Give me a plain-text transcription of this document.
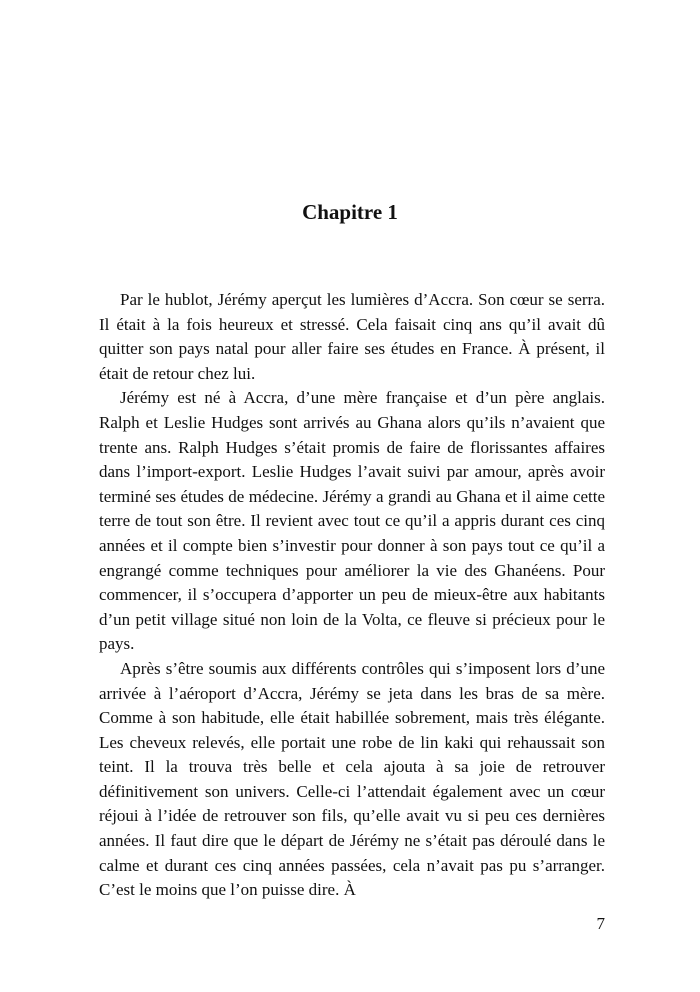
Chapitre 1

Par le hublot, Jérémy aperçut les lumières d’Accra. Son cœur se serra. Il était à la fois heureux et stressé. Cela faisait cinq ans qu’il avait dû quitter son pays natal pour aller faire ses études en France. À présent, il était de retour chez lui.

Jérémy est né à Accra, d’une mère française et d’un père anglais. Ralph et Leslie Hudges sont arrivés au Ghana alors qu’ils n’avaient que trente ans. Ralph Hudges s’était promis de faire de florissantes affaires dans l’import-export. Leslie Hudges l’avait suivi par amour, après avoir terminé ses études de médecine. Jérémy a grandi au Ghana et il aime cette terre de tout son être. Il revient avec tout ce qu’il a appris durant ces cinq années et il compte bien s’investir pour donner à son pays tout ce qu’il a engrangé comme techniques pour améliorer la vie des Ghanéens. Pour commencer, il s’occupera d’apporter un peu de mieux-être aux habitants d’un petit village situé non loin de la Volta, ce fleuve si précieux pour le pays.

Après s’être soumis aux différents contrôles qui s’imposent lors d’une arrivée à l’aéroport d’Accra, Jérémy se jeta dans les bras de sa mère. Comme à son habitude, elle était habillée sobrement, mais très élégante. Les cheveux relevés, elle portait une robe de lin kaki qui rehaussait son teint. Il la trouva très belle et cela ajouta à sa joie de retrouver définitivement son univers. Celle-ci l’attendait également avec un cœur réjoui à l’idée de retrouver son fils, qu’elle avait vu si peu ces dernières années. Il faut dire que le départ de Jérémy ne s’était pas déroulé dans le calme et durant ces cinq années passées, cela n’avait pas pu s’arranger. C’est le moins que l’on puisse dire. À

7
